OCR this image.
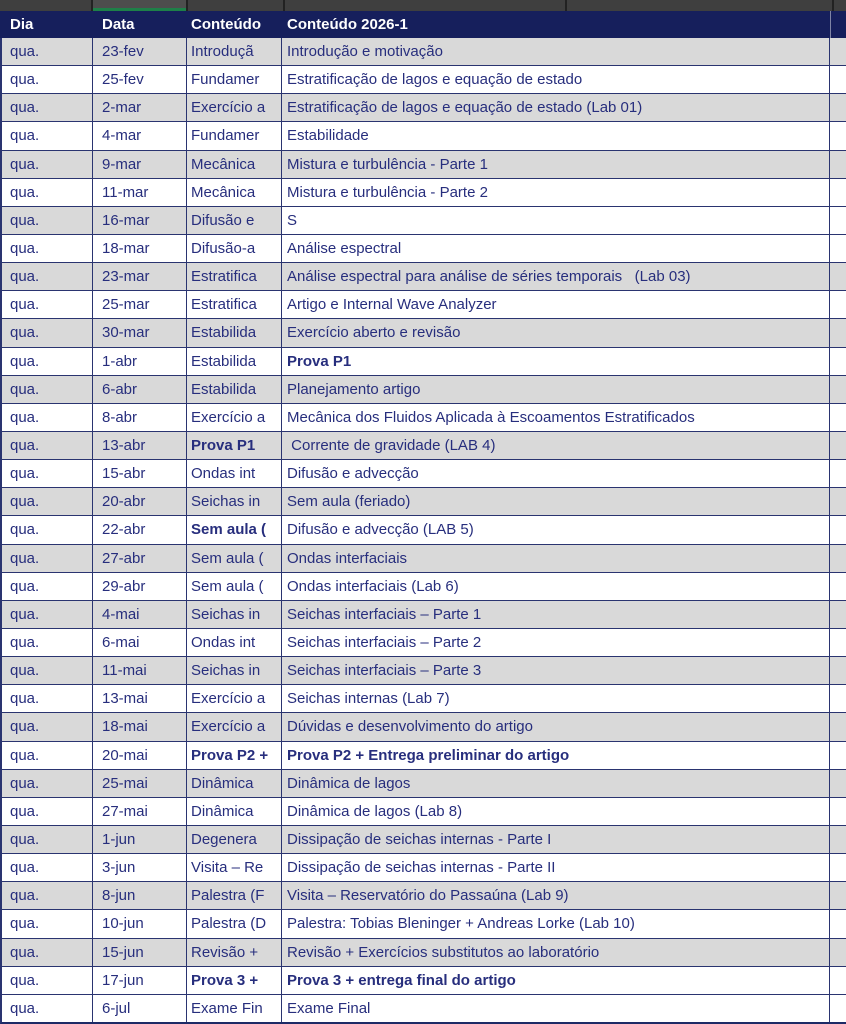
Dia	Data	Conteúdo	Conteúdo 2026-1
qua.	23-fev	Introduçã	Introdução e motivação
qua.	25-fev	Fundamer	Estratificação de lagos e equação de estado
qua.	2-mar	Exercício a	Estratificação de lagos e equação de estado (Lab 01)
qua.	4-mar	Fundamer	Estabilidade
qua.	9-mar	Mecânica	Mistura e turbulência - Parte 1
qua.	11-mar	Mecânica	Mistura e turbulência - Parte 2
qua.	16-mar	Difusão e	S
qua.	18-mar	Difusão-a	Análise espectral
qua.	23-mar	Estratifica	Análise espectral para análise de séries temporais   (Lab 03)
qua.	25-mar	Estratifica	Artigo e Internal Wave Analyzer
qua.	30-mar	Estabilida	Exercício aberto e revisão
qua.	1-abr	Estabilida	Prova P1
qua.	6-abr	Estabilida	Planejamento artigo
qua.	8-abr	Exercício a	Mecânica dos Fluidos Aplicada à Escoamentos Estratificados
qua.	13-abr	Prova P1	Corrente de gravidade (LAB 4)
qua.	15-abr	Ondas int	Difusão e advecção
qua.	20-abr	Seichas in	Sem aula (feriado)
qua.	22-abr	Sem aula (	Difusão e advecção (LAB 5)
qua.	27-abr	Sem aula (	Ondas interfaciais
qua.	29-abr	Sem aula (	Ondas interfaciais (Lab 6)
qua.	4-mai	Seichas in	Seichas interfaciais – Parte 1
qua.	6-mai	Ondas int	Seichas interfaciais – Parte 2
qua.	11-mai	Seichas in	Seichas interfaciais – Parte 3
qua.	13-mai	Exercício a	Seichas internas (Lab 7)
qua.	18-mai	Exercício a	Dúvidas e desenvolvimento do artigo
qua.	20-mai	Prova P2 +	Prova P2 + Entrega preliminar do artigo
qua.	25-mai	Dinâmica	Dinâmica de lagos
qua.	27-mai	Dinâmica	Dinâmica de lagos (Lab 8)
qua.	1-jun	Degenera	Dissipação de seichas internas - Parte I
qua.	3-jun	Visita – Re	Dissipação de seichas internas - Parte II
qua.	8-jun	Palestra (F	Visita – Reservatório do Passaúna (Lab 9)
qua.	10-jun	Palestra (D	Palestra: Tobias Bleninger + Andreas Lorke (Lab 10)
qua.	15-jun	Revisão +	Revisão + Exercícios substitutos ao laboratório
qua.	17-jun	Prova 3 +	Prova 3 + entrega final do artigo
qua.	6-jul	Exame Fin	Exame Final
